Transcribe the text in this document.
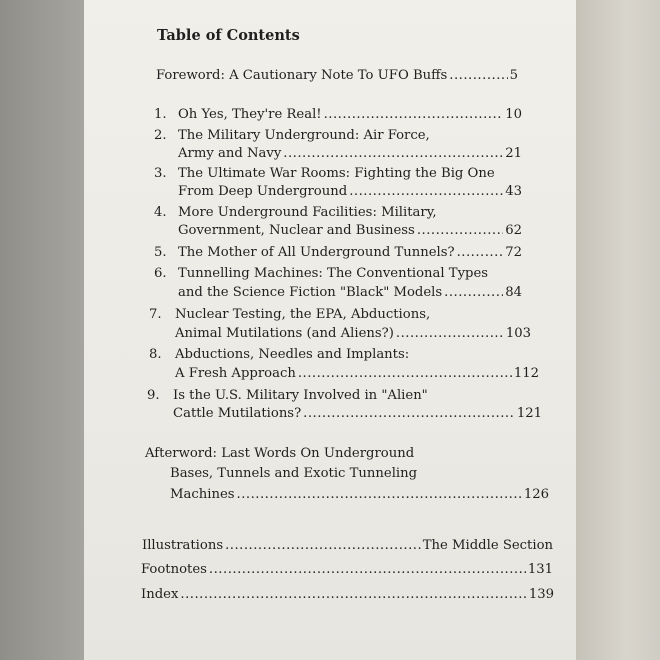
Table of Contents
Foreword: A Cautionary Note To UFO Buffs .....	5
1. Oh Yes, They're Real! .....	10
2. The Military Underground: Air Force,
Army and Navy .....	21
3. The Ultimate War Rooms: Fighting the Big One
From Deep Underground .....	43
4. More Underground Facilities: Military,
Government, Nuclear and Business .....	62
5. The Mother of All Underground Tunnels? .....	72
6. Tunnelling Machines: The Conventional Types
and the Science Fiction "Black" Models .....	84
7. Nuclear Testing, the EPA, Abductions,
Animal Mutilations (and Aliens?) .....	103
8. Abductions, Needles and Implants:
A Fresh Approach .....	112
9. Is the U.S. Military Involved in "Alien"
Cattle Mutilations? .....	121
Afterword: Last Words On Underground
Bases, Tunnels and Exotic Tunneling
Machines .....	126
Illustrations .....	The Middle Section
Footnotes .....	131
Index .....	139
